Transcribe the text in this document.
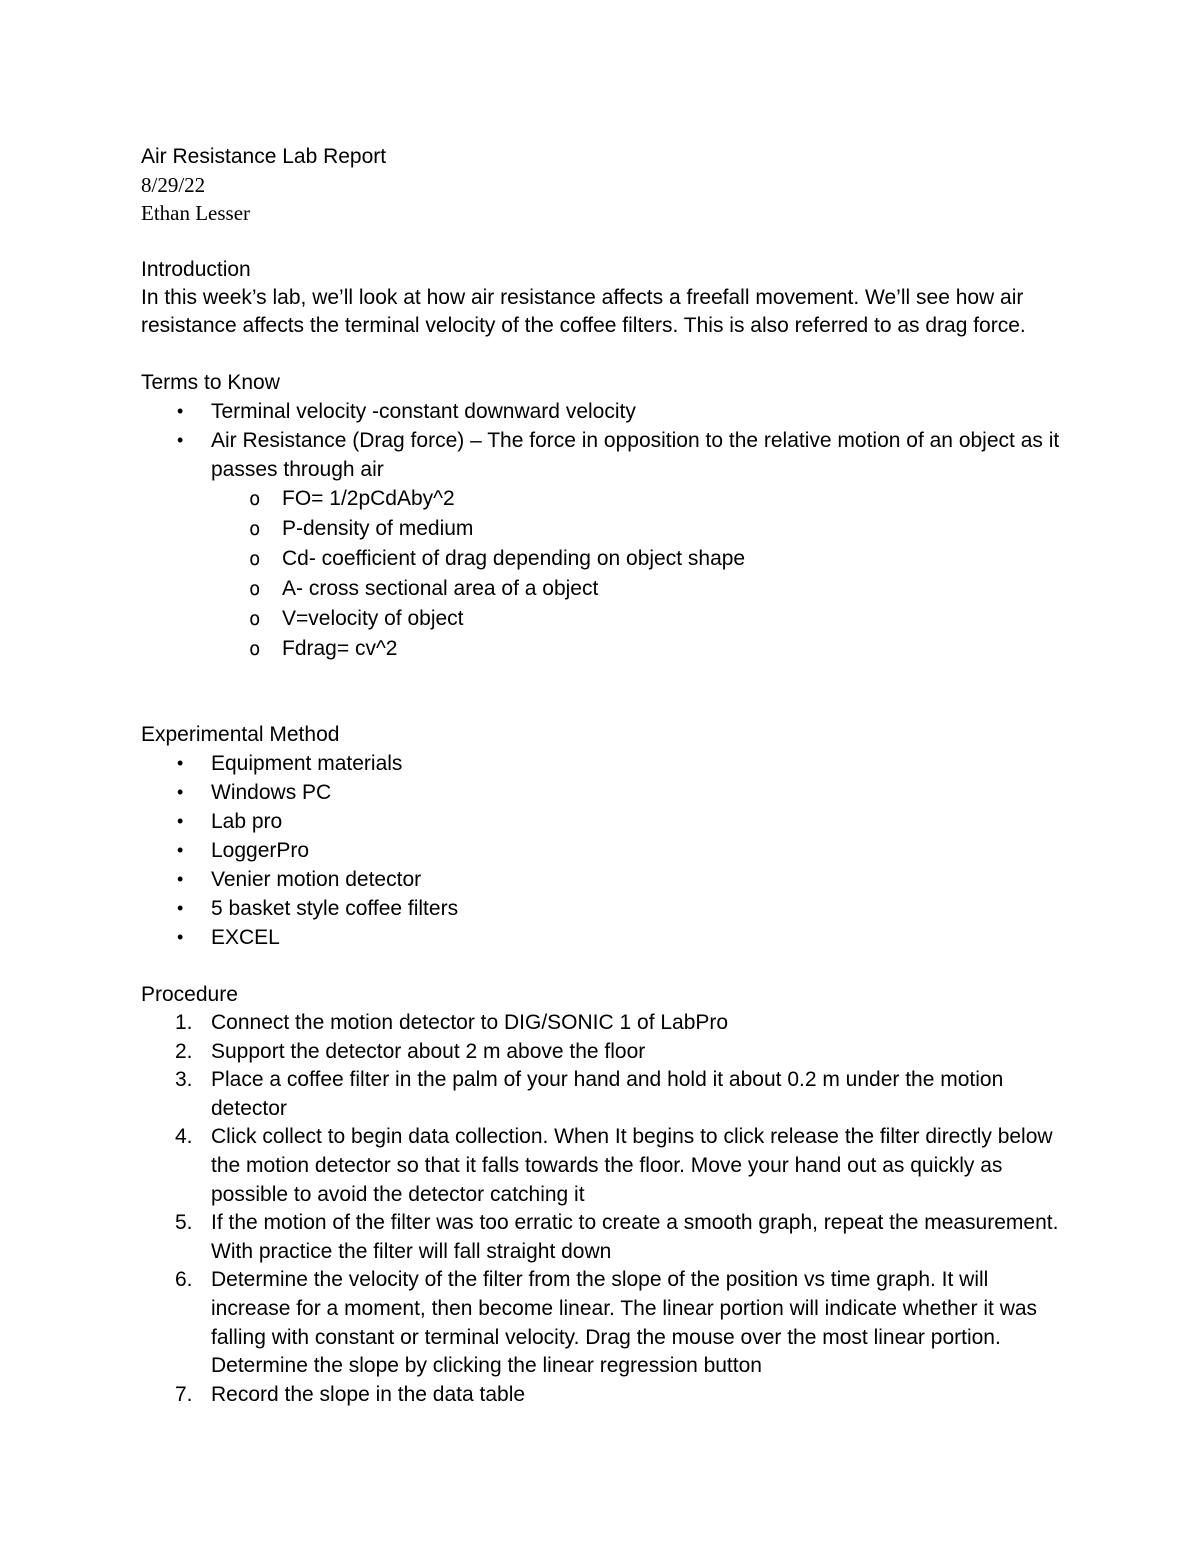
Air Resistance Lab Report
8/29/22
Ethan Lesser
Introduction
In this week’s lab, we’ll look at how air resistance affects a freefall movement. We’ll see how air
resistance affects the terminal velocity of the coffee filters. This is also referred to as drag force.
Terms to Know
• Terminal velocity -constant downward velocity
• Air Resistance (Drag force) – The force in opposition to the relative motion of an object as it passes through air
o FO= 1/2pCdAby^2
o P-density of medium
o Cd- coefficient of drag depending on object shape
o A- cross sectional area of a object
o V=velocity of object
o Fdrag= cv^2
Experimental Method
• Equipment materials
• Windows PC
• Lab pro
• LoggerPro
• Venier motion detector
• 5 basket style coffee filters
• EXCEL
Procedure
1. Connect the motion detector to DIG/SONIC 1 of LabPro
2. Support the detector about 2 m above the floor
3. Place a coffee filter in the palm of your hand and hold it about 0.2 m under the motion detector
4. Click collect to begin data collection. When It begins to click release the filter directly below the motion detector so that it falls towards the floor. Move your hand out as quickly as possible to avoid the detector catching it
5. If the motion of the filter was too erratic to create a smooth graph, repeat the measurement. With practice the filter will fall straight down
6. Determine the velocity of the filter from the slope of the position vs time graph. It will increase for a moment, then become linear. The linear portion will indicate whether it was falling with constant or terminal velocity. Drag the mouse over the most linear portion. Determine the slope by clicking the linear regression button
7. Record the slope in the data table
